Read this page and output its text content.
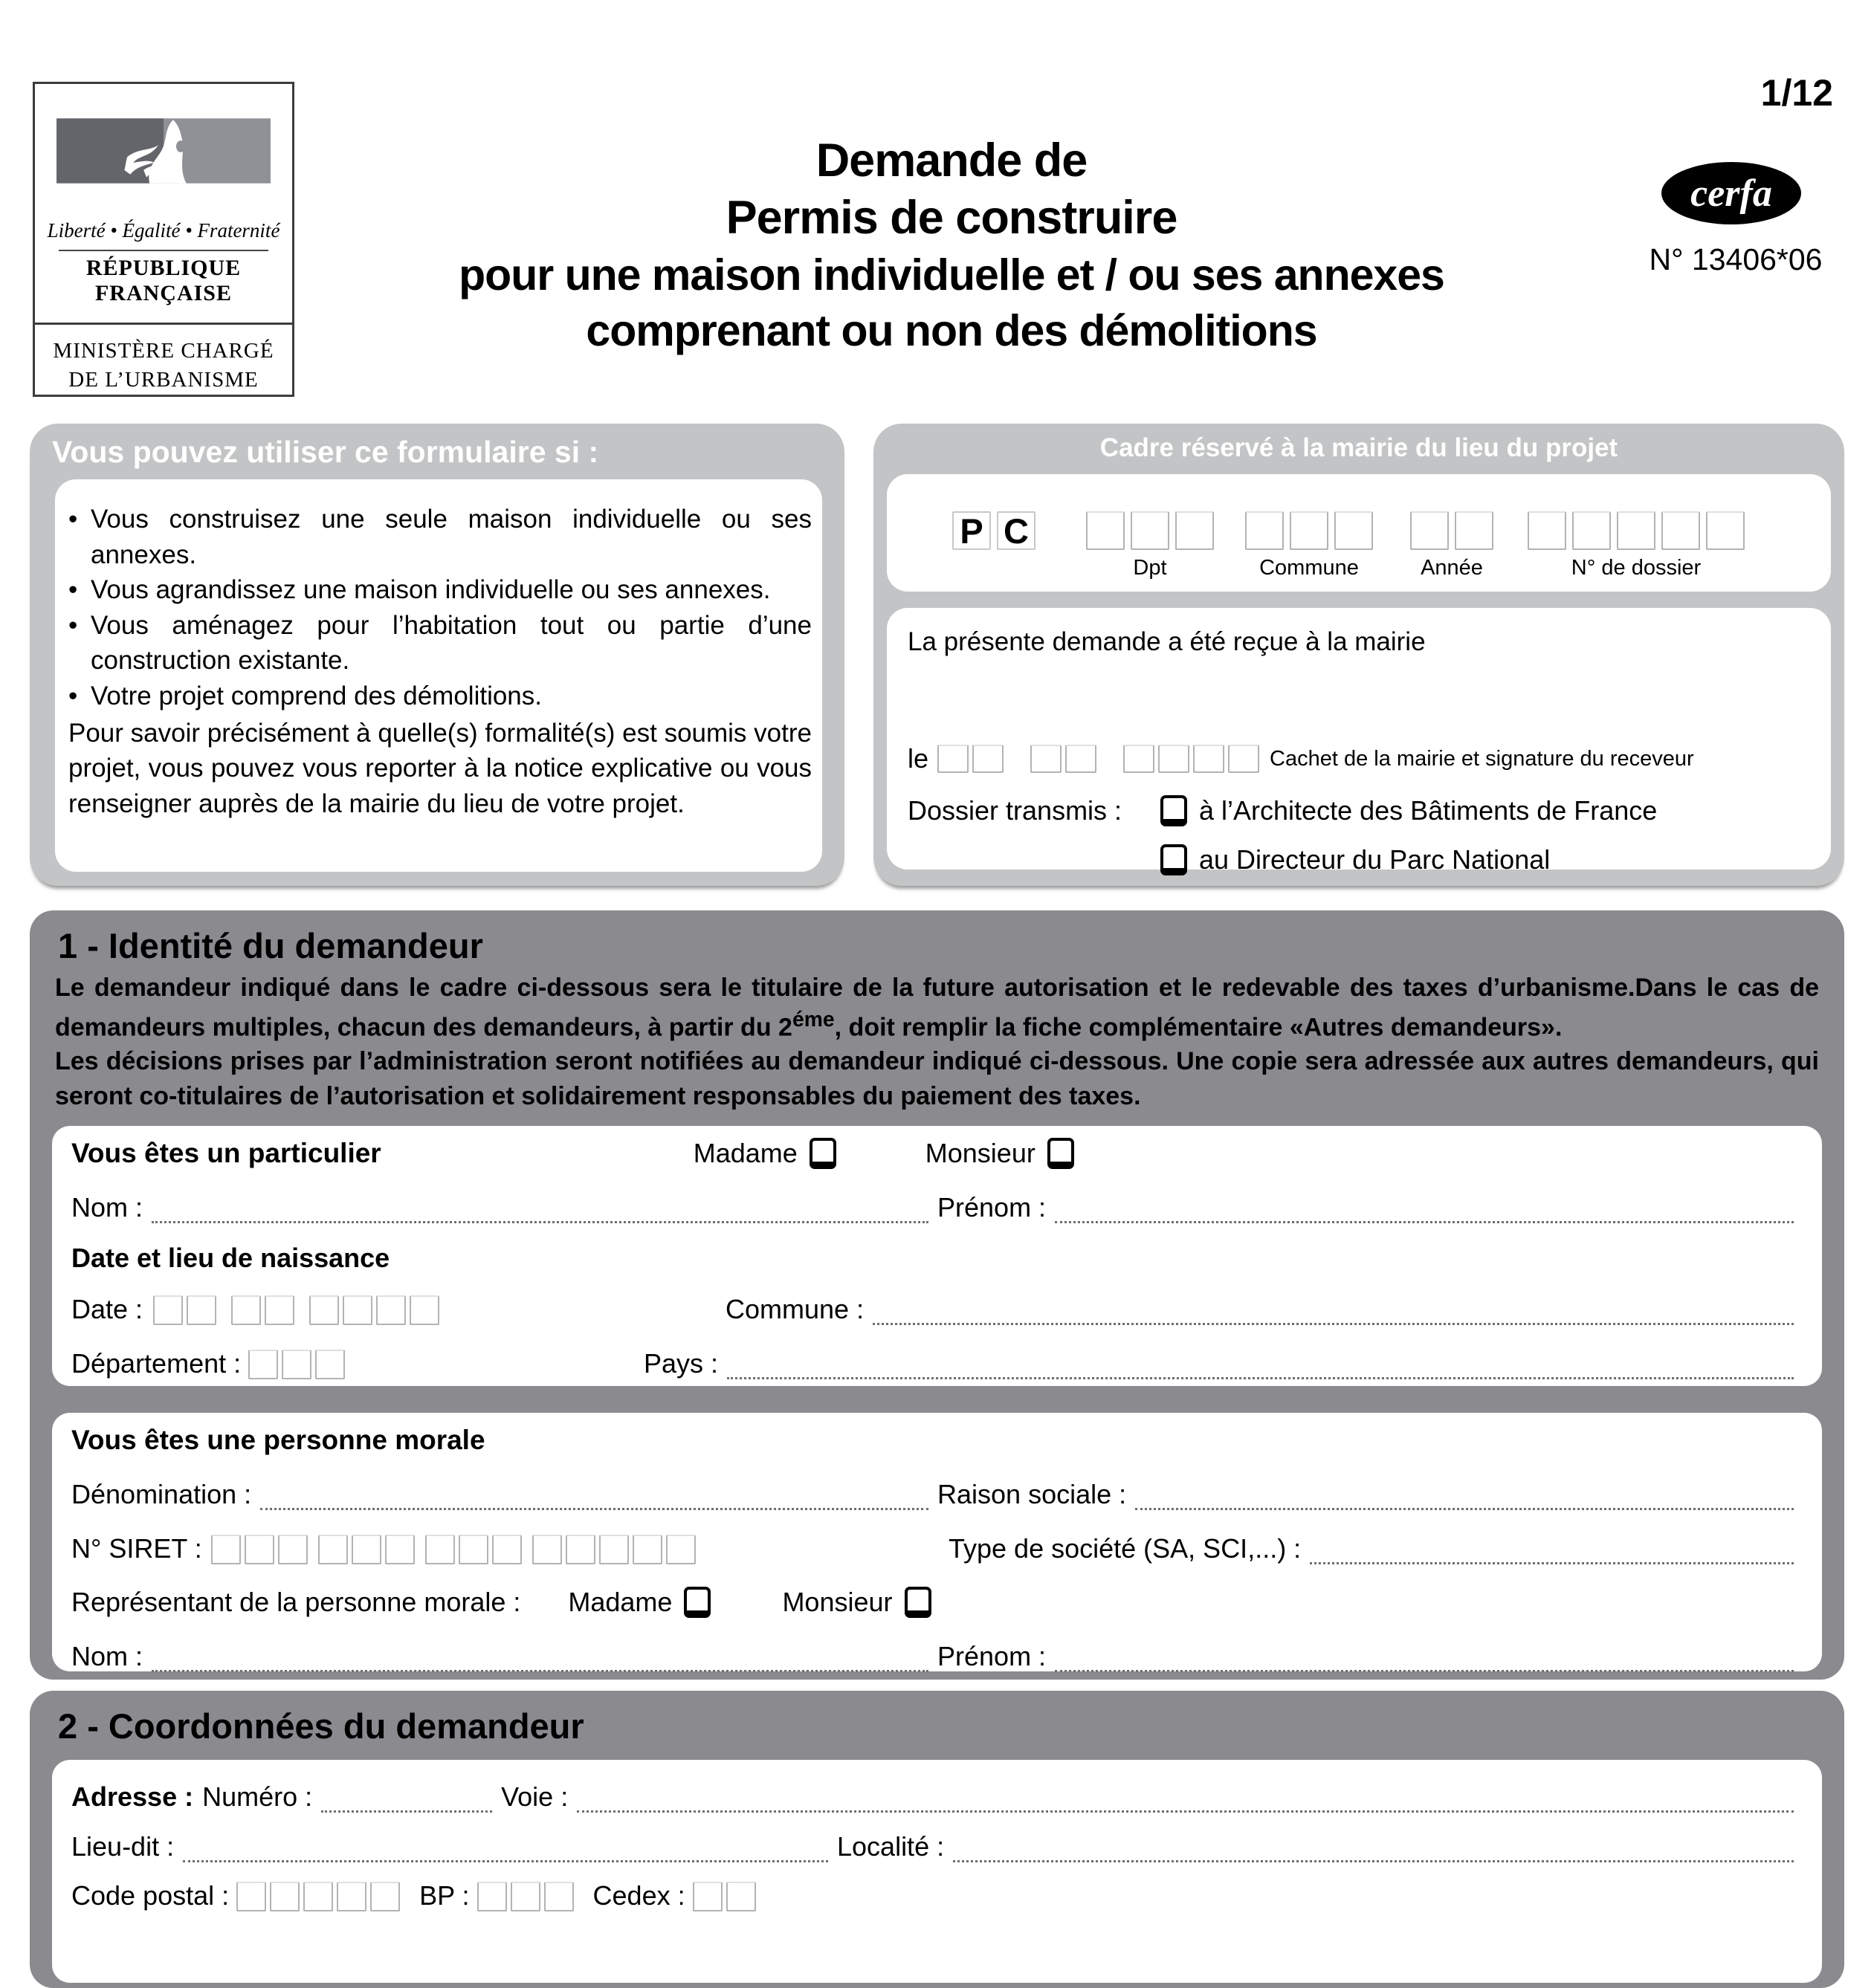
1/12
Liberté • Égalité • Fraternité
RÉPUBLIQUE FRANÇAISE
MINISTÈRE CHARGÉ
DE L’URBANISME
Demande de
Permis de construire
pour une maison individuelle et / ou ses annexes
comprenant ou non des démolitions
cerfa
N° 13406*06
Vous pouvez utiliser ce formulaire si :
• Vous construisez une seule maison individuelle ou ses annexes.
• Vous agrandissez une maison individuelle ou ses annexes.
• Vous aménagez pour l’habitation tout ou partie d’une construction existante.
• Votre projet comprend des démolitions.
Pour savoir précisément à quelle(s) formalité(s) est soumis votre projet, vous pouvez vous reporter à la notice explicative ou vous renseigner auprès de la mairie du lieu de votre projet.
Cadre réservé à la mairie du lieu du projet
P C

Dpt	Commune	Année	N° de dossier
La présente demande a été reçue à la mairie
le	Cachet de la mairie et signature du receveur
Dossier transmis :	à l’Architecte des Bâtiments de France
au Directeur du Parc National
1 - Identité du demandeur
Le demandeur indiqué dans le cadre ci-dessous sera le titulaire de la future autorisation et le redevable des taxes d’urbanisme.Dans le cas de demandeurs multiples, chacun des demandeurs, à partir du $2^{éme}$, doit remplir la fiche complémentaire «Autres demandeurs».
Les décisions prises par l’administration seront notifiées au demandeur indiqué ci-dessous. Une copie sera adressée aux autres demandeurs, qui seront co-titulaires de l’autorisation et solidairement responsables du paiement des taxes.
Vous êtes un particulier	Madame	Monsieur
Nom :	Prénom :
Date et lieu de naissance
Date :	Commune :
Département :	Pays :
Vous êtes une personne morale
Dénomination :	Raison sociale :
N° SIRET :	Type de société (SA, SCI,...) :
Représentant de la personne morale : Madame	Monsieur
Nom :	Prénom :
2 - Coordonnées du demandeur
Adresse : Numéro :	Voie :
Lieu-dit :	Localité :
Code postal :	BP :	Cedex :
